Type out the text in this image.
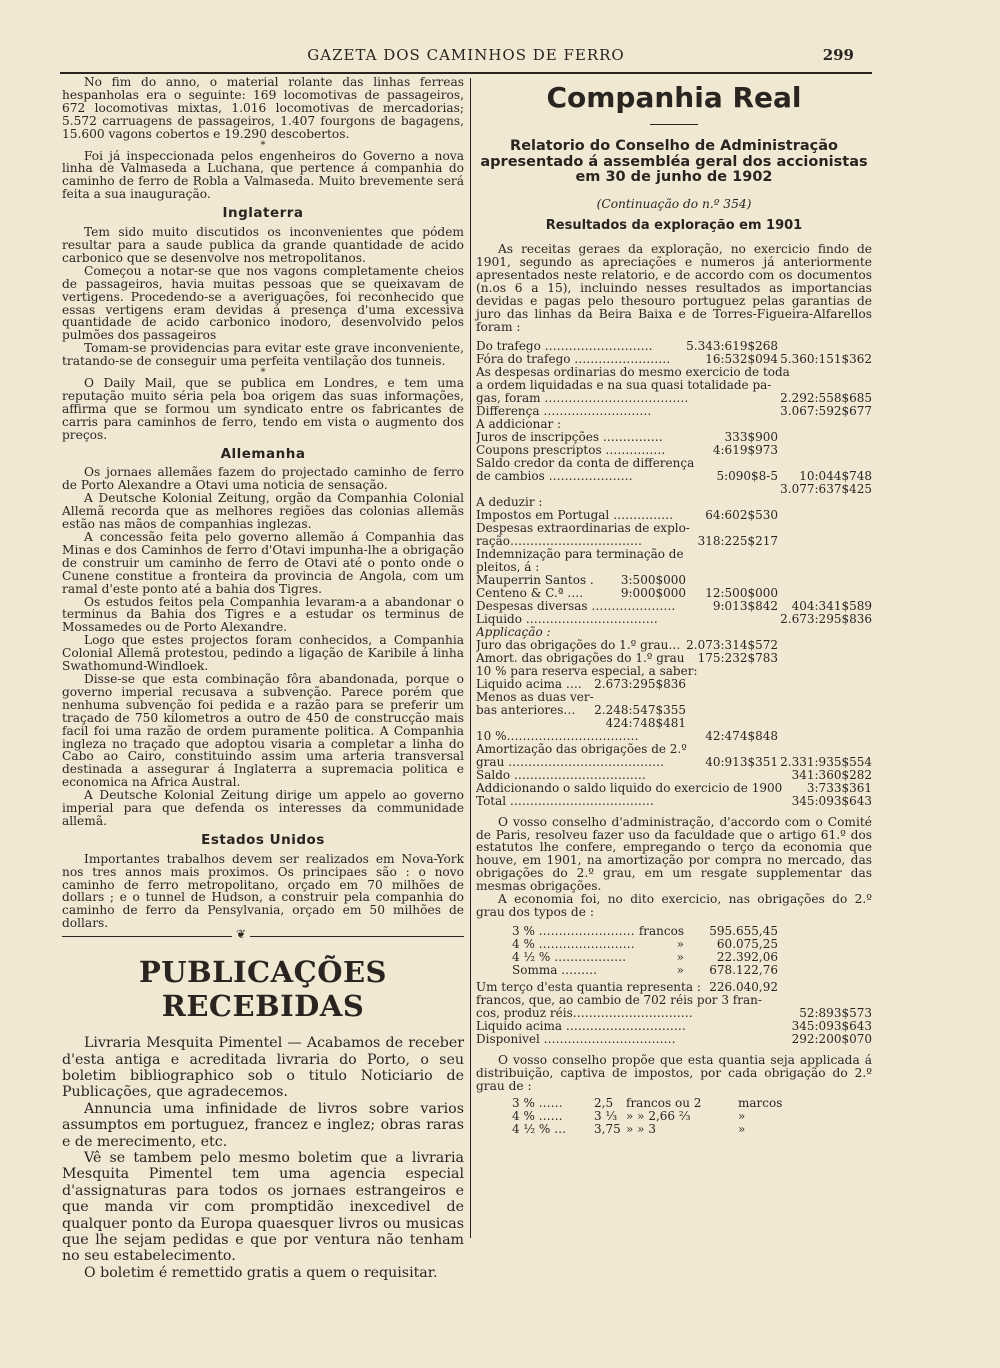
GAZETA DOS CAMINHOS DE FERRO	299

No fim do anno, o material rolante das linhas ferreas hespanholas era o seguinte: 169 locomotivas de passageiros, 672 locomotivas mixtas, 1.016 locomotivas de mercadorias; 5.572 carruagens de passageiros, 1.407 fourgons de bagagens, 15.600 vagons cobertos e 19.290 descobertos.

*

Foi já inspeccionada pelos engenheiros do Governo a nova linha de Valmaseda a Luchana, que pertence á companhia do caminho de ferro de Robla a Valmaseda. Muito brevemente será feita a sua inauguração.

Inglaterra

Tem sido muito discutidos os inconvenientes que pódem resultar para a saude publica da grande quantidade de acido carbonico que se desenvolve nos metropolitanos.

Começou a notar-se que nos vagons completamente cheios de passageiros, havia muitas pessoas que se queixavam de vertigens. Procedendo-se a averiguações, foi reconhecido que essas vertigens eram devidas á presença d'uma excessiva quantidade de acido carbonico inodoro, desenvolvido pelos pulmões dos passageiros

Tomam-se providencias para evitar este grave inconveniente, tratando-se de conseguir uma perfeita ventilação dos tunneis.

*

O Daily Mail, que se publica em Londres, e tem uma reputação muito séria pela boa origem das suas informações, affirma que se formou um syndicato entre os fabricantes de carris para caminhos de ferro, tendo em vista o augmento dos preços.

Allemanha

Os jornaes allemães fazem do projectado caminho de ferro de Porto Alexandre a Otavi uma noticia de sensação.

A Deutsche Kolonial Zeitung, orgão da Companhia Colonial Allemã recorda que as melhores regiões das colonias allemãs estão nas mãos de companhias inglezas.

A concessão feita pelo governo allemão á Companhia das Minas e dos Caminhos de ferro d'Otavi impunha-lhe a obrigação de construir um caminho de ferro de Otavi até o ponto onde o Cunene constitue a fronteira da provincia de Angola, com um ramal d'este ponto até a bahia dos Tigres.

Os estudos feitos pela Companhia levaram-a a abandonar o terminus da Bahia dos Tigres e a estudar os terminus de Mossamedes ou de Porto Alexandre.

Logo que estes projectos foram conhecidos, a Companhia Colonial Allemã protestou, pedindo a ligação de Karibile á linha Swathomund-Windloek.

Disse-se que esta combinação fôra abandonada, porque o governo imperial recusava a subvenção. Parece porém que nenhuma subvenção foi pedida e a razão para se preferir um traçado de 750 kilometros a outro de 450 de construcção mais facil foi uma razão de ordem puramente politica. A Companhia ingleza no traçado que adoptou visaria a completar a linha do Cabo ao Cairo, constituindo assim uma arteria transversal destinada a assegurar á Inglaterra a supremacia politica e economica na Africa Austral.

A Deutsche Kolonial Zeitung dirige um appelo ao governo imperial para que defenda os interesses da communidade allemã.

Estados Unidos

Importantes trabalhos devem ser realizados em Nova-York nos tres annos mais proximos. Os principaes são : o novo caminho de ferro metropolitano, orçado em 70 milhões de dollars ; e o tunnel de Hudson, a construir pela companhia do caminho de ferro da Pensylvania, orçado em 50 milhões de dollars.

❦
PUBLICAÇÕES RECEBIDAS

Livraria Mesquita Pimentel — Acabamos de receber d'esta antiga e acreditada livraria do Porto, o seu boletim bibliographico sob o titulo Noticiario de Publicações, que agradecemos.

Annuncia uma infinidade de livros sobre varios assumptos em portuguez, francez e inglez; obras raras e de merecimento, etc.

Vê se tambem pelo mesmo boletim que a livraria Mesquita Pimentel tem uma agencia especial d'assignaturas para todos os jornaes estrangeiros e que manda vir com promptidão inexcedivel de qualquer ponto da Europa quaesquer livros ou musicas que lhe sejam pedidas e que por ventura não tenham no seu estabelecimento.

O boletim é remettido gratis a quem o requisitar.

Companhia Real
Relatorio do Conselho de Administração
apresentado á assembléa geral dos accionistas
em 30 de junho de 1902
(Continuação do n.º 354)
Resultados da exploração em 1901

As receitas geraes da exploração, no exercicio findo de 1901, segundo as apreciações e numeros já anteriormente apresentados neste relatorio, e de accordo com os documentos (n.os 6 a 15), incluindo nesses resultados as importancias devidas e pagas pelo thesouro portuguez pelas garantias de juro das linhas da Beira Baixa e de Torres-Figueira-Alfarellos foram :

Do trafego ………………………	5.343:619$268
Fóra do trafego ……………………	16:532$094 5.360:151$362
As despesas ordinarias do mesmo exercicio de toda
a ordem liquidadas e na sua quasi totalidade pa-
gas, foram ………………………………	2.292:558$685
Differença ………………………	3.067:592$677
A addicionar :
Juros de inscripções ……………	333$900
Coupons prescriptos ……………	4:619$973
Saldo credor da conta de differença
de cambios …………………	5:090$8-5 10:044$748
3.077:637$425
A deduzir :
Impostos em Portugal ……………	64:602$530
Despesas extraordinarias de explo-
ração……………………………	318:225$217
Indemnização para terminação de
pleitos, á :
Mauperrin Santos . 3:500$000
Centeno & C.ª ….	9:000$000 12:500$000
Despesas diversas …………………	9:013$842 404:341$589
Liquido ……………………………	2.673:295$836
Applicação :
Juro das obrigações do 1.º grau… 2.073:314$572
Amort. das obrigações do 1.º grau 175:232$783
10 % para reserva especial, a saber:
Liquido acima …. 2.673:295$836
Menos as duas ver-
bas anteriores… 2.248:547$355
424:748$481
10 %……………………………	42:474$848
Amortização das obrigações de 2.º
grau …………………………………	40:913$351 2.331:935$554
Saldo ……………………………	341:360$282
Addicionando o saldo liquido do exercicio de 1900 3:733$361
Total ………………………………	345:093$643

O vosso conselho d'administração, d'accordo com o Comité de Paris, resolveu fazer uso da faculdade que o artigo 61.º dos estatutos lhe confere, empregando o terço da economia que houve, em 1901, na amortização por compra no mercado, das obrigações do 2.º grau, em um resgate supplementar das mesmas obrigações.

A economia foi, no dito exercicio, nas obrigações do 2.º grau dos typos de :

3 % …………………… francos 595.655,45
4 % ……………………	»	60.075,25
4 ½ % ………………	»	22.392,06
Somma ………	» 678.122,76
Um terço d'esta quantia representa : 226.040,92
francos, que, ao cambio de 702 réis por 3 fran-
cos, produz réis…………………………	52:893$573
Liquido acima …………………………	345:093$643
Disponivel ……………………………	292:200$070

O vosso conselho propõe que esta quantia seja applicada á distribuição, captiva de impostos, por cada obrigação do 2.º grau de :

3 % ……	2,5 francos ou 2	marcos
4 % ……	3 ⅓ » » 2,66 ⅔	»
4 ½ % … 3,75 » » 3	»
